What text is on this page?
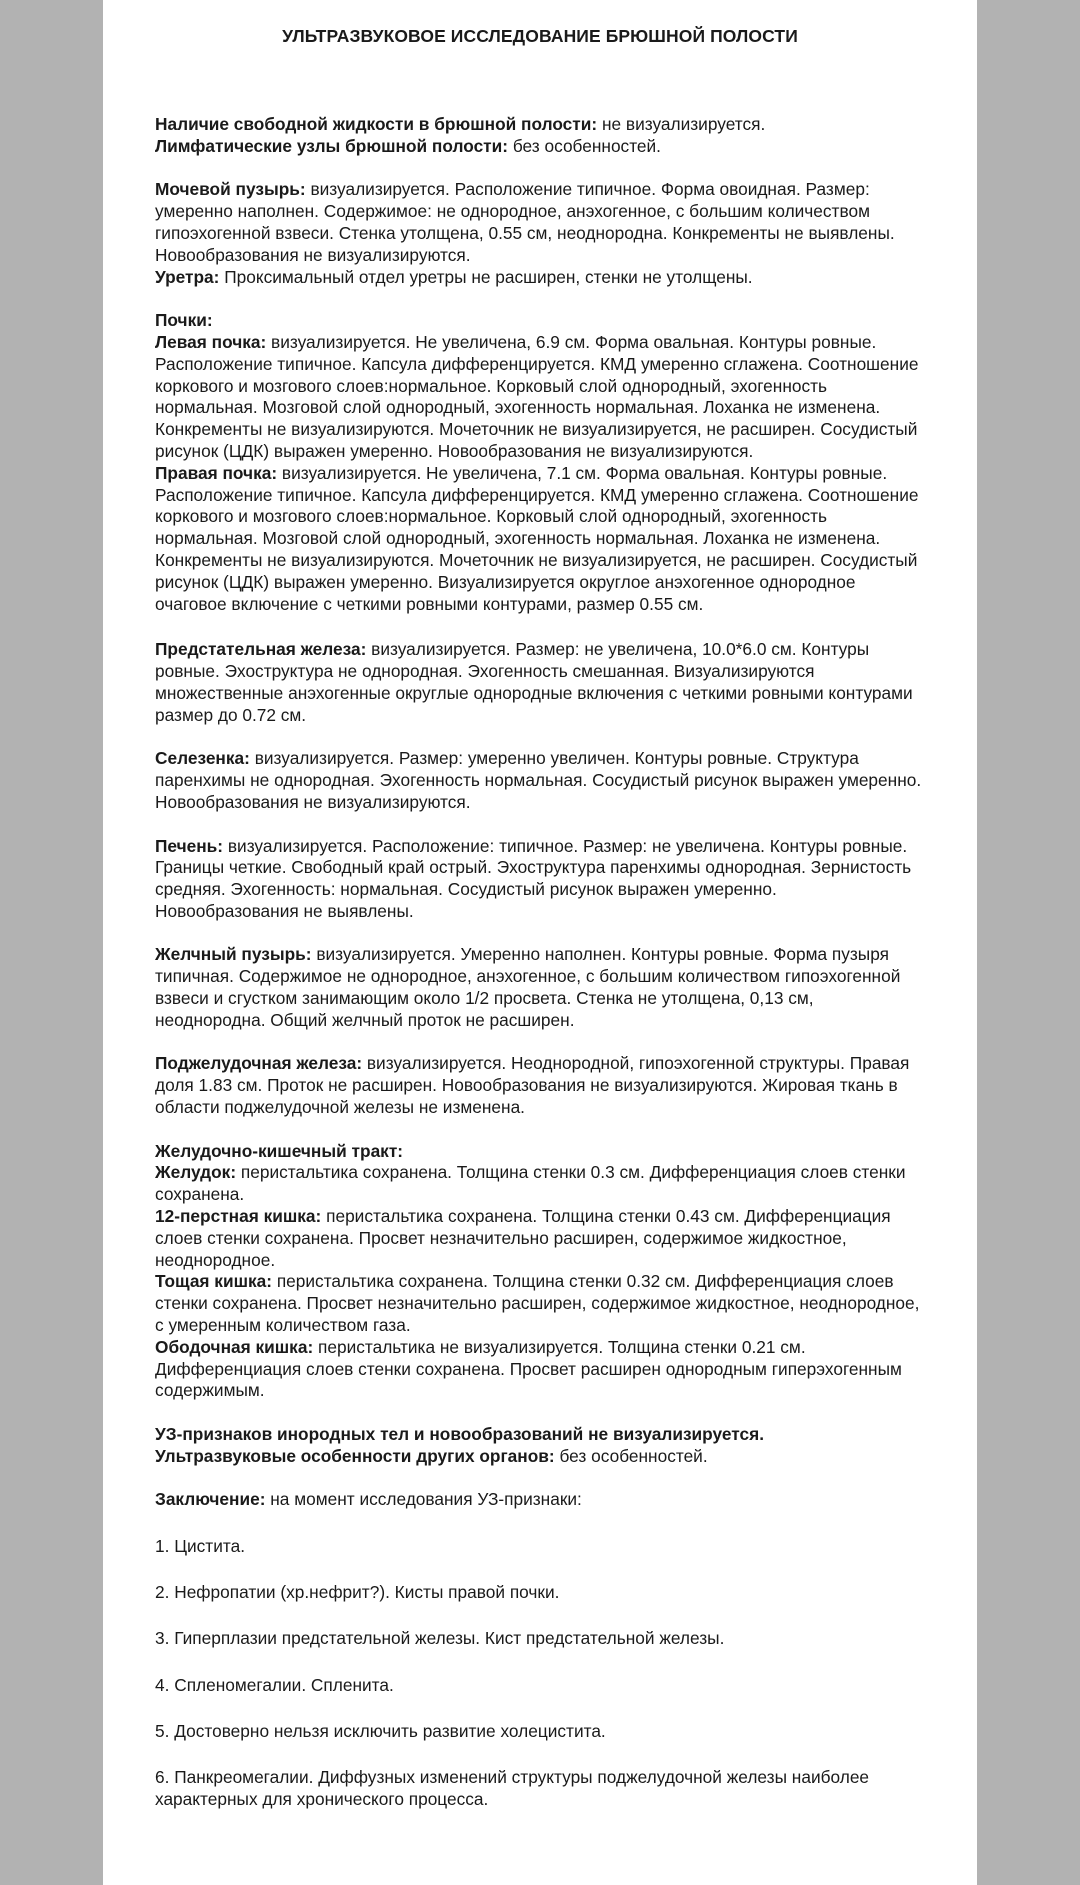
УЛЬТРАЗВУКОВОЕ ИССЛЕДОВАНИЕ БРЮШНОЙ ПОЛОСТИ

Наличие свободной жидкости в брюшной полости: не визуализируется.

Лимфатические узлы брюшной полости: без особенностей.

Мочевой пузырь: визуализируется. Расположение типичное. Форма овоидная. Размер: умеренно наполнен. Содержимое: не однородное, анэхогенное, с большим количеством гипоэхогенной взвеси. Стенка утолщена, 0.55 см, неоднородна. Конкременты не выявлены. Новообразования не визуализируются.

Уретра: Проксимальный отдел уретры не расширен, стенки не утолщены.

Почки:

Левая почка: визуализируется. Не увеличена, 6.9 см. Форма овальная. Контуры ровные. Расположение типичное. Капсула дифференцируется. КМД умеренно сглажена. Соотношение коркового и мозгового слоев:нормальное. Корковый слой однородный, эхогенность нормальная. Мозговой слой однородный, эхогенность нормальная. Лоханка не изменена. Конкременты не визуализируются. Мочеточник не визуализируется, не расширен. Сосудистый рисунок (ЦДК) выражен умеренно. Новообразования не визуализируются.

Правая почка: визуализируется. Не увеличена, 7.1 см. Форма овальная. Контуры ровные. Расположение типичное. Капсула дифференцируется. КМД умеренно сглажена. Соотношение коркового и мозгового слоев:нормальное. Корковый слой однородный, эхогенность нормальная. Мозговой слой однородный, эхогенность нормальная. Лоханка не изменена. Конкременты не визуализируются. Мочеточник не визуализируется, не расширен. Сосудистый рисунок (ЦДК) выражен умеренно. Визуализируется округлое анэхогенное однородное очаговое включение с четкими ровными контурами, размер 0.55 см.

Предстательная железа: визуализируется. Размер: не увеличена, 10.0*6.0 см. Контуры ровные. Эхоструктура не однородная. Эхогенность смешанная. Визуализируются множественные анэхогенные округлые однородные включения с четкими ровными контурами размер до 0.72 см.

Селезенка: визуализируется. Размер: умеренно увеличен. Контуры ровные. Структура паренхимы не однородная. Эхогенность нормальная. Сосудистый рисунок выражен умеренно. Новообразования не визуализируются.

Печень: визуализируется. Расположение: типичное. Размер: не увеличена. Контуры ровные. Границы четкие. Свободный край острый. Эхоструктура паренхимы однородная. Зернистость средняя. Эхогенность: нормальная. Сосудистый рисунок выражен умеренно. Новообразования не выявлены.

Желчный пузырь: визуализируется. Умеренно наполнен. Контуры ровные. Форма пузыря типичная. Содержимое не однородное, анэхогенное, с большим количеством гипоэхогенной взвеси и сгустком занимающим около 1/2 просвета. Стенка не утолщена, 0,13 см, неоднородна. Общий желчный проток не расширен.

Поджелудочная железа: визуализируется. Неоднородной, гипоэхогенной структуры. Правая доля 1.83 см. Проток не расширен. Новообразования не визуализируются. Жировая ткань в области поджелудочной железы не изменена.

Желудочно-кишечный тракт:

Желудок: перистальтика сохранена. Толщина стенки 0.3 см. Дифференциация слоев стенки сохранена.

12-перстная кишка: перистальтика сохранена. Толщина стенки 0.43 см. Дифференциация слоев стенки сохранена. Просвет незначительно расширен, содержимое жидкостное, неоднородное.

Тощая кишка: перистальтика сохранена. Толщина стенки 0.32 см. Дифференциация слоев стенки сохранена. Просвет незначительно расширен, содержимое жидкостное, неоднородное, с умеренным количеством газа.

Ободочная кишка: перистальтика не визуализируется. Толщина стенки 0.21 см. Дифференциация слоев стенки сохранена. Просвет расширен однородным гиперэхогенным содержимым.

УЗ-признаков инородных тел и новообразований не визуализируется.

Ультразвуковые особенности других органов: без особенностей.

Заключение: на момент исследования УЗ-признаки:

1. Цистита.

2. Нефропатии (хр.нефрит?). Кисты правой почки.

3. Гиперплазии предстательной железы. Кист предстательной железы.

4. Спленомегалии. Спленита.

5. Достоверно нельзя исключить развитие холецистита.

6. Панкреомегалии. Диффузных изменений структуры поджелудочной железы наиболее характерных для хронического процесса.
